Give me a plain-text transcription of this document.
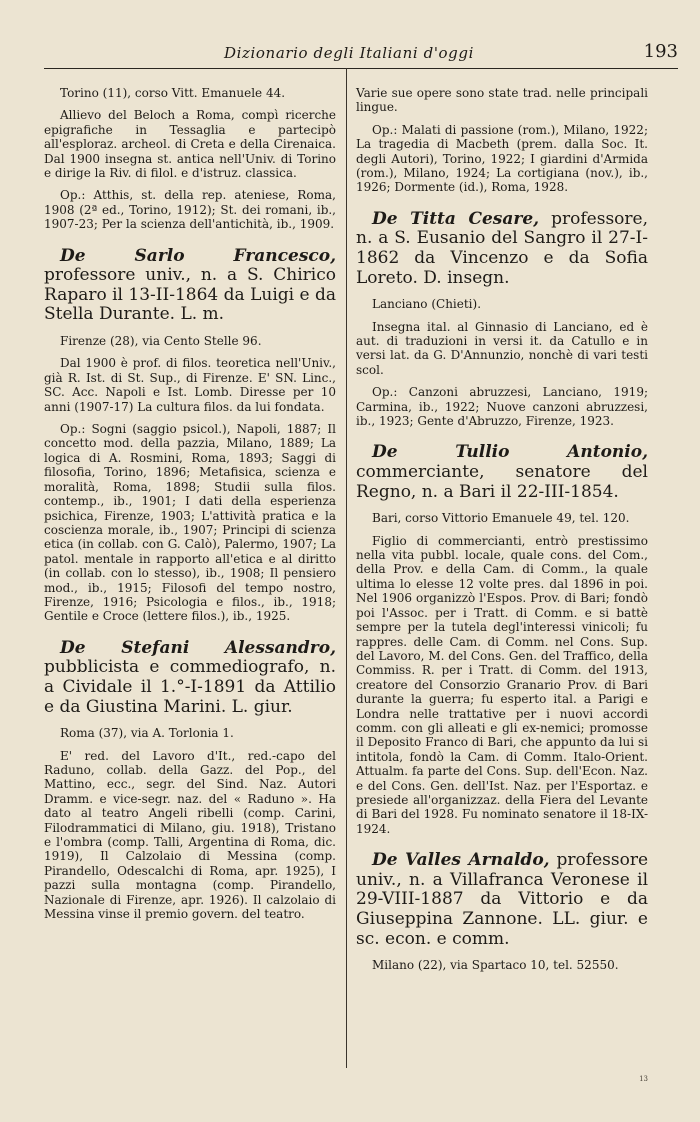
Dizionario degli Italiani d'oggi	193

Torino (11), corso Vitt. Emanuele 44.

Allievo del Beloch a Roma, compì ricerche epigrafiche in Tessaglia e partecipò all'esploraz. archeol. di Creta e della Cirenaica. Dal 1900 insegna st. antica nell'Univ. di Torino e dirige la Riv. di filol. e d'istruz. classica.

Op.: Atthis, st. della rep. ateniese, Roma, 1908 (2ª ed., Torino, 1912); St. dei romani, ib., 1907-23; Per la scienza dell'antichità, ib., 1909.

De Sarlo Francesco, professore univ., n. a S. Chirico Raparo il 13-II-1864 da Luigi e da Stella Durante. L. m.

Firenze (28), via Cento Stelle 96.

Dal 1900 è prof. di filos. teoretica nell'Univ., già R. Ist. di St. Sup., di Firenze. E' SN. Linc., SC. Acc. Napoli e Ist. Lomb. Diresse per 10 anni (1907-17) La cultura filos. da lui fondata.

Op.: Sogni (saggio psicol.), Napoli, 1887; Il concetto mod. della pazzia, Milano, 1889; La logica di A. Rosmini, Roma, 1893; Saggi di filosofia, Torino, 1896; Metafisica, scienza e moralità, Roma, 1898; Studii sulla filos. contemp., ib., 1901; I dati della esperienza psichica, Firenze, 1903; L'attività pratica e la coscienza morale, ib., 1907; Principi di scienza etica (in collab. con G. Calò), Palermo, 1907; La patol. mentale in rapporto all'etica e al diritto (in collab. con lo stesso), ib., 1908; Il pensiero mod., ib., 1915; Filosofi del tempo nostro, Firenze, 1916; Psicologia e filos., ib., 1918; Gentile e Croce (lettere filos.), ib., 1925.

De Stefani Alessandro, pubblicista e commediografo, n. a Cividale il 1.°-I-1891 da Attilio e da Giustina Marini. L. giur.

Roma (37), via A. Torlonia 1.

E' red. del Lavoro d'It., red.-capo del Raduno, collab. della Gazz. del Pop., del Mattino, ecc., segr. del Sind. Naz. Autori Dramm. e vice-segr. naz. del « Raduno ». Ha dato al teatro Angeli ribelli (comp. Carini, Filodrammatici di Milano, giu. 1918), Tristano e l'ombra (comp. Talli, Argentina di Roma, dic. 1919), Il Calzolaio di Messina (comp. Pirandello, Odescalchi di Roma, apr. 1925), I pazzi sulla montagna (comp. Pirandello, Nazionale di Firenze, apr. 1926). Il calzolaio di Messina vinse il premio govern. del teatro.

Varie sue opere sono state trad. nelle principali lingue.

Op.: Malati di passione (rom.), Milano, 1922; La tragedia di Macbeth (prem. dalla Soc. It. degli Autori), Torino, 1922; I giardini d'Armida (rom.), Milano, 1924; La cortigiana (nov.), ib., 1926; Dormente (id.), Roma, 1928.

De Titta Cesare, professore, n. a S. Eusanio del Sangro il 27-I-1862 da Vincenzo e da Sofia Loreto. D. insegn.

Lanciano (Chieti).

Insegna ital. al Ginnasio di Lanciano, ed è aut. di traduzioni in versi it. da Catullo e in versi lat. da G. D'Annunzio, nonchè di vari testi scol.

Op.: Canzoni abruzzesi, Lanciano, 1919; Carmina, ib., 1922; Nuove canzoni abruzzesi, ib., 1923; Gente d'Abruzzo, Firenze, 1923.

De Tullio Antonio, commerciante, senatore del Regno, n. a Bari il 22-III-1854.

Bari, corso Vittorio Emanuele 49, tel. 120.

Figlio di commercianti, entrò prestissimo nella vita pubbl. locale, quale cons. del Com., della Prov. e della Cam. di Comm., la quale ultima lo elesse 12 volte pres. dal 1896 in poi. Nel 1906 organizzò l'Espos. Prov. di Bari; fondò poi l'Assoc. per i Tratt. di Comm. e si battè sempre per la tutela degl'interessi vinicoli; fu rappres. delle Cam. di Comm. nel Cons. Sup. del Lavoro, M. del Cons. Gen. del Traffico, della Commiss. R. per i Tratt. di Comm. del 1913, creatore del Consorzio Granario Prov. di Bari durante la guerra; fu esperto ital. a Parigi e Londra nelle trattative per i nuovi accordi comm. con gli alleati e gli ex-nemici; promosse il Deposito Franco di Bari, che appunto da lui si intitola, fondò la Cam. di Comm. Italo-Orient. Attualm. fa parte del Cons. Sup. dell'Econ. Naz. e del Cons. Gen. dell'Ist. Naz. per l'Esportaz. e presiede all'organizzaz. della Fiera del Levante di Bari del 1928. Fu nominato senatore il 18-IX-1924.

De Valles Arnaldo, professore univ., n. a Villafranca Veronese il 29-VIII-1887 da Vittorio e da Giuseppina Zannone. LL. giur. e sc. econ. e comm.

Milano (22), via Spartaco 10, tel. 52550.

13
